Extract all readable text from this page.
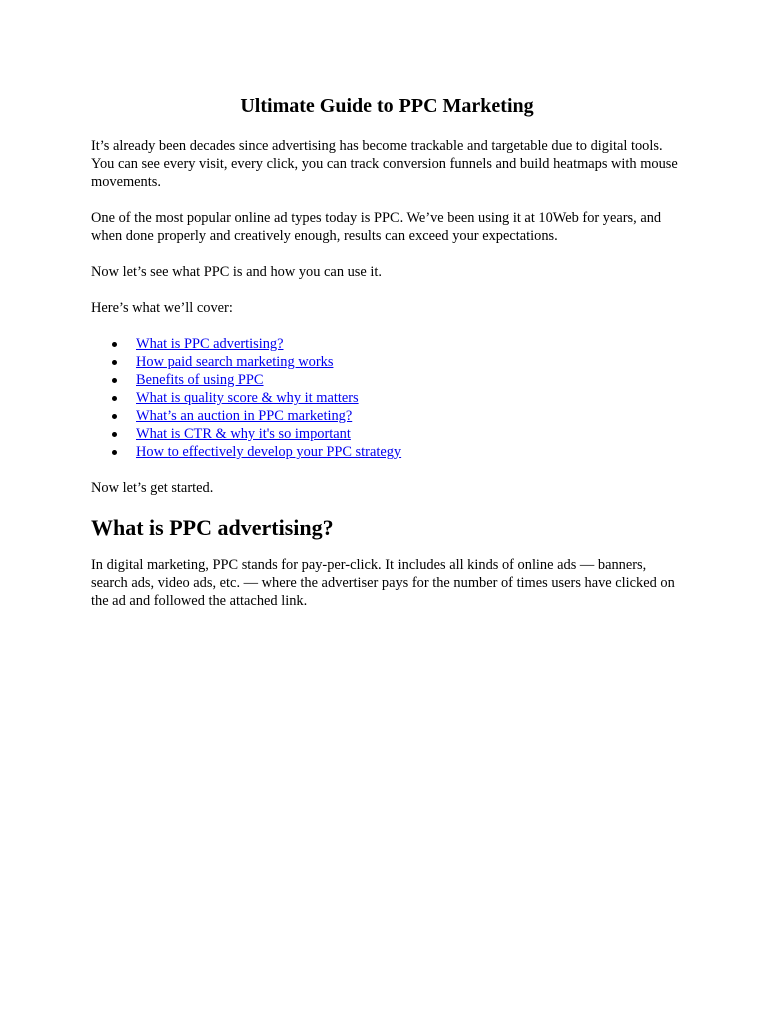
Ultimate Guide to PPC Marketing

It’s already been decades since advertising has become trackable and targetable due to digital tools. You can see every visit, every click, you can track conversion funnels and build heatmaps with mouse movements.

One of the most popular online ad types today is PPC. We’ve been using it at 10Web for years, and when done properly and creatively enough, results can exceed your expectations.

Now let’s see what PPC is and how you can use it.

Here’s what we’ll cover:

What is PPC advertising?
How paid search marketing works
Benefits of using PPC
What is quality score & why it matters
What’s an auction in PPC marketing?
What is CTR & why it's so important
How to effectively develop your PPC strategy

Now let’s get started.

What is PPC advertising?

In digital marketing, PPC stands for pay-per-click. It includes all kinds of online ads — banners, search ads, video ads, etc. — where the advertiser pays for the number of times users have clicked on the ad and followed the attached link.
